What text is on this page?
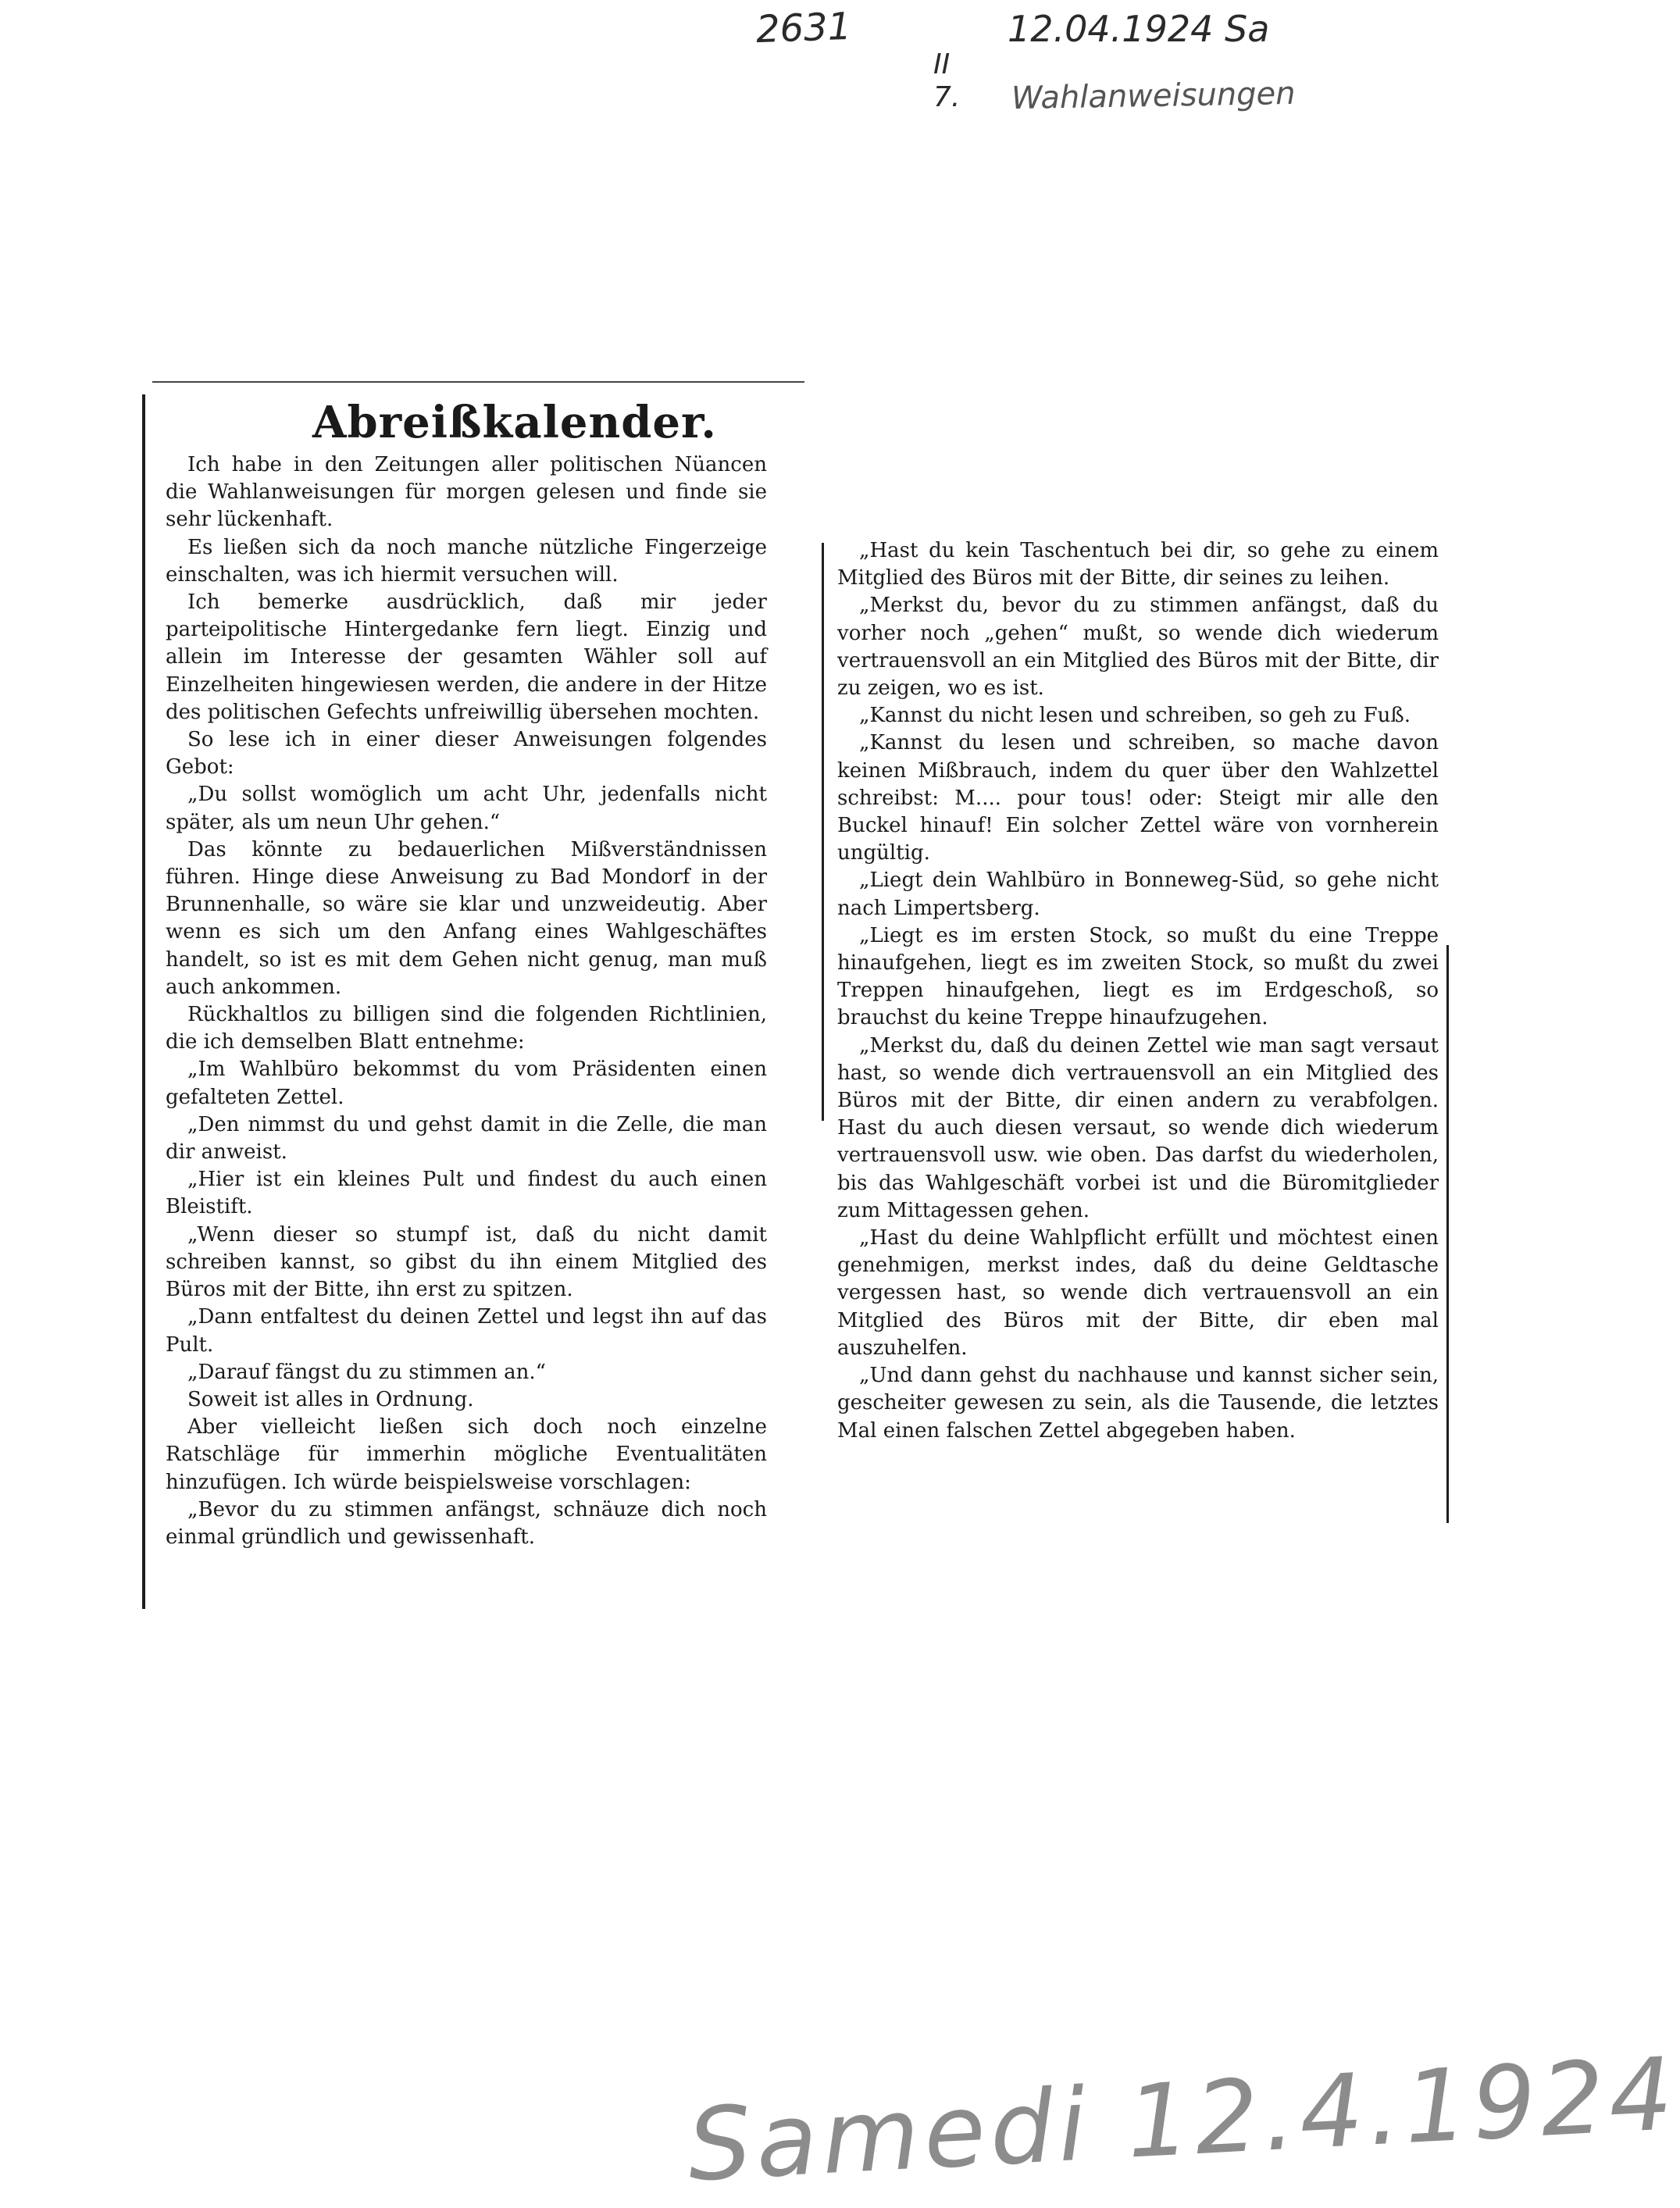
2631	12.04.1924 Sa
II
7. Wahlanweisungen
Abreißkalender.

Ich habe in den Zeitungen aller politischen Nüancen die Wahlanweisungen für morgen gelesen und finde sie sehr lückenhaft.

Es ließen sich da noch manche nützliche Fingerzeige einschalten, was ich hiermit versuchen will.

Ich bemerke ausdrücklich, daß mir jeder parteipolitische Hintergedanke fern liegt. Einzig und allein im Interesse der gesamten Wähler soll auf Einzelheiten hingewiesen werden, die andere in der Hitze des politischen Gefechts unfreiwillig übersehen mochten.

So lese ich in einer dieser Anweisungen folgendes Gebot:

„Du sollst womöglich um acht Uhr, jedenfalls nicht später, als um neun Uhr gehen.“

Das könnte zu bedauerlichen Mißverständnissen führen. Hinge diese Anweisung zu Bad Mondorf in der Brunnenhalle, so wäre sie klar und unzweideutig. Aber wenn es sich um den Anfang eines Wahlgeschäftes handelt, so ist es mit dem Gehen nicht genug, man muß auch ankommen.

Rückhaltlos zu billigen sind die folgenden Richtlinien, die ich demselben Blatt entnehme:

„Im Wahlbüro bekommst du vom Präsidenten einen gefalteten Zettel.

„Den nimmst du und gehst damit in die Zelle, die man dir anweist.

„Hier ist ein kleines Pult und findest du auch einen Bleistift.

„Wenn dieser so stumpf ist, daß du nicht damit schreiben kannst, so gibst du ihn einem Mitglied des Büros mit der Bitte, ihn erst zu spitzen.

„Dann entfaltest du deinen Zettel und legst ihn auf das Pult.

„Darauf fängst du zu stimmen an.“

Soweit ist alles in Ordnung.

Aber vielleicht ließen sich doch noch einzelne Ratschläge für immerhin mögliche Eventualitäten hinzufügen. Ich würde beispielsweise vorschlagen:

„Bevor du zu stimmen anfängst, schnäuze dich noch einmal gründlich und gewissenhaft.

„Hast du kein Taschentuch bei dir, so gehe zu einem Mitglied des Büros mit der Bitte, dir seines zu leihen.

„Merkst du, bevor du zu stimmen anfängst, daß du vorher noch „gehen“ mußt, so wende dich wiederum vertrauensvoll an ein Mitglied des Büros mit der Bitte, dir zu zeigen, wo es ist.

„Kannst du nicht lesen und schreiben, so geh zu Fuß.

„Kannst du lesen und schreiben, so mache davon keinen Mißbrauch, indem du quer über den Wahlzettel schreibst: M.... pour tous! oder: Steigt mir alle den Buckel hinauf! Ein solcher Zettel wäre von vornherein ungültig.

„Liegt dein Wahlbüro in Bonneweg-Süd, so gehe nicht nach Limpertsberg.

„Liegt es im ersten Stock, so mußt du eine Treppe hinaufgehen, liegt es im zweiten Stock, so mußt du zwei Treppen hinaufgehen, liegt es im Erdgeschoß, so brauchst du keine Treppe hinaufzugehen.

„Merkst du, daß du deinen Zettel wie man sagt versaut hast, so wende dich vertrauensvoll an ein Mitglied des Büros mit der Bitte, dir einen andern zu verabfolgen. Hast du auch diesen versaut, so wende dich wiederum vertrauensvoll usw. wie oben. Das darfst du wiederholen, bis das Wahlgeschäft vorbei ist und die Büromitglieder zum Mittagessen gehen.

„Hast du deine Wahlpflicht erfüllt und möchtest einen genehmigen, merkst indes, daß du deine Geldtasche vergessen hast, so wende dich vertrauensvoll an ein Mitglied des Büros mit der Bitte, dir eben mal auszuhelfen.

„Und dann gehst du nachhause und kannst sicher sein, gescheiter gewesen zu sein, als die Tausende, die letztes Mal einen falschen Zettel abgegeben haben.

Samedi 12.4.1924
